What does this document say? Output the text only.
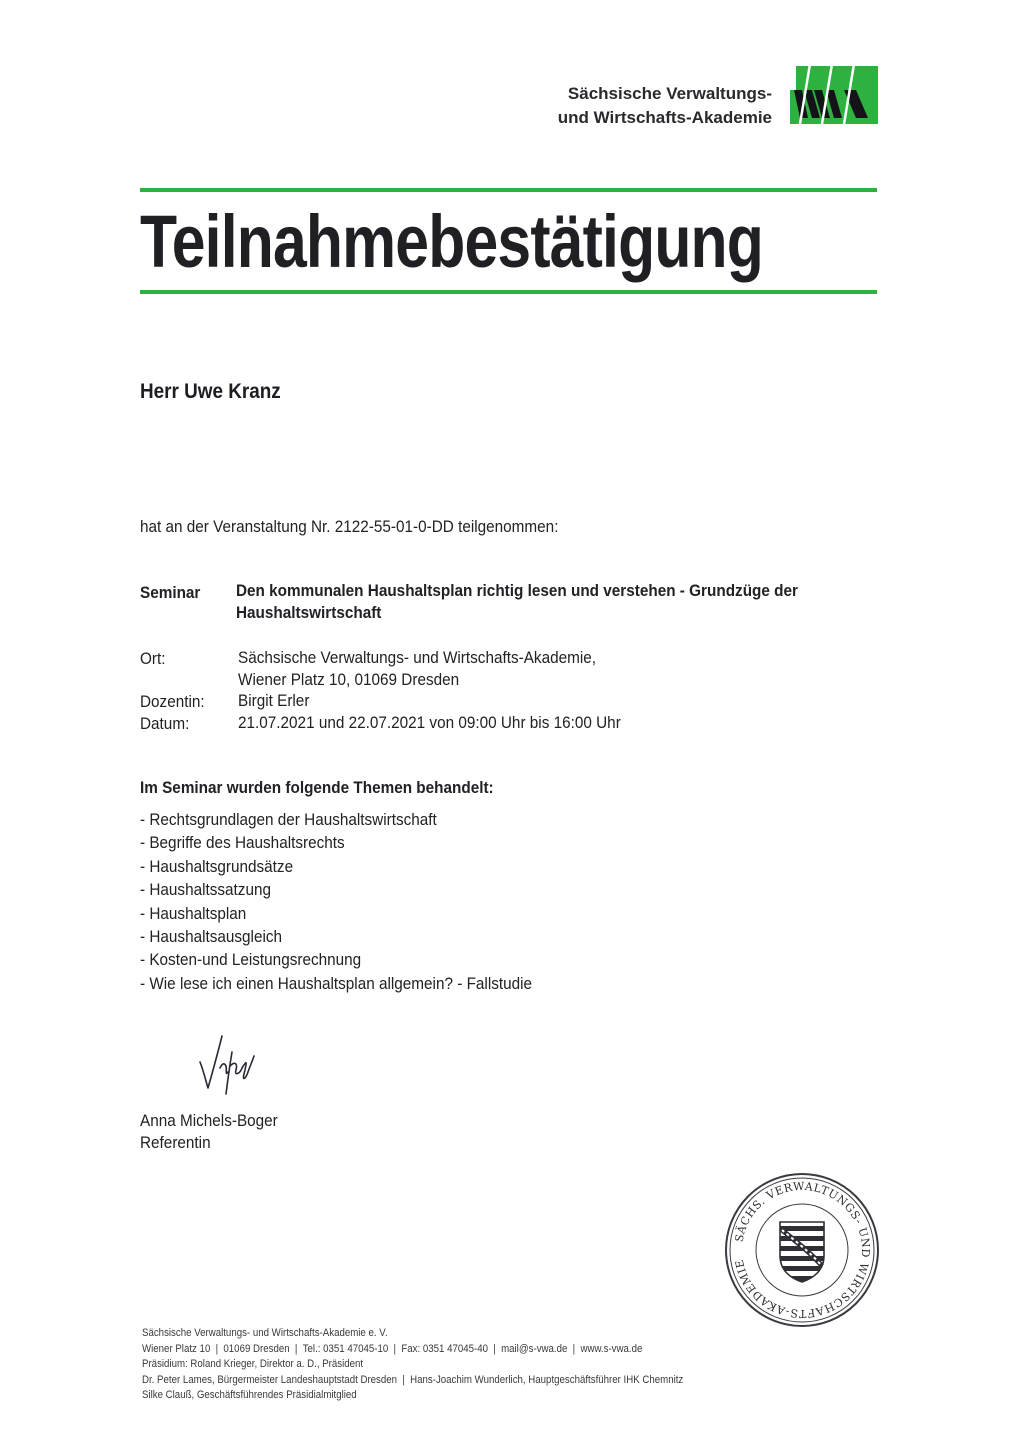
Sächsische Verwaltungs-
und Wirtschafts-Akademie
Teilnahmebestätigung
Herr Uwe Kranz
hat an der Veranstaltung Nr. 2122-55-01-0-DD teilgenommen:
Seminar Den kommunalen Haushaltsplan richtig lesen und verstehen - Grundzüge der
Haushaltswirtschaft
Ort:	Sächsische Verwaltungs- und Wirtschafts-Akademie,
Wiener Platz 10, 01069 Dresden
Dozentin: Birgit Erler
Datum:	21.07.2021 und 22.07.2021 von 09:00 Uhr bis 16:00 Uhr
Im Seminar wurden folgende Themen behandelt:
- Rechtsgrundlagen der Haushaltswirtschaft
- Begriffe des Haushaltsrechts
- Haushaltsgrundsätze
- Haushaltssatzung
- Haushaltsplan
- Haushaltsausgleich
- Kosten-und Leistungsrechnung
- Wie lese ich einen Haushaltsplan allgemein? - Fallstudie
Anna Michels-Boger
Referentin
SÄCHS. VERWALTUNGS- UND WIRTSCHAFTS-AKADEMIE
Sächsische Verwaltungs- und Wirtschafts-Akademie e. V.
Wiener Platz 10 | 01069 Dresden | Tel.: 0351 47045-10 | Fax: 0351 47045-40 | mail@s-vwa.de | www.s-vwa.de
Präsidium: Roland Krieger, Direktor a. D., Präsident
Dr. Peter Lames, Bürgermeister Landeshauptstadt Dresden | Hans-Joachim Wunderlich, Hauptgeschäftsführer IHK Chemnitz
Silke Clauß, Geschäftsführendes Präsidialmitglied
